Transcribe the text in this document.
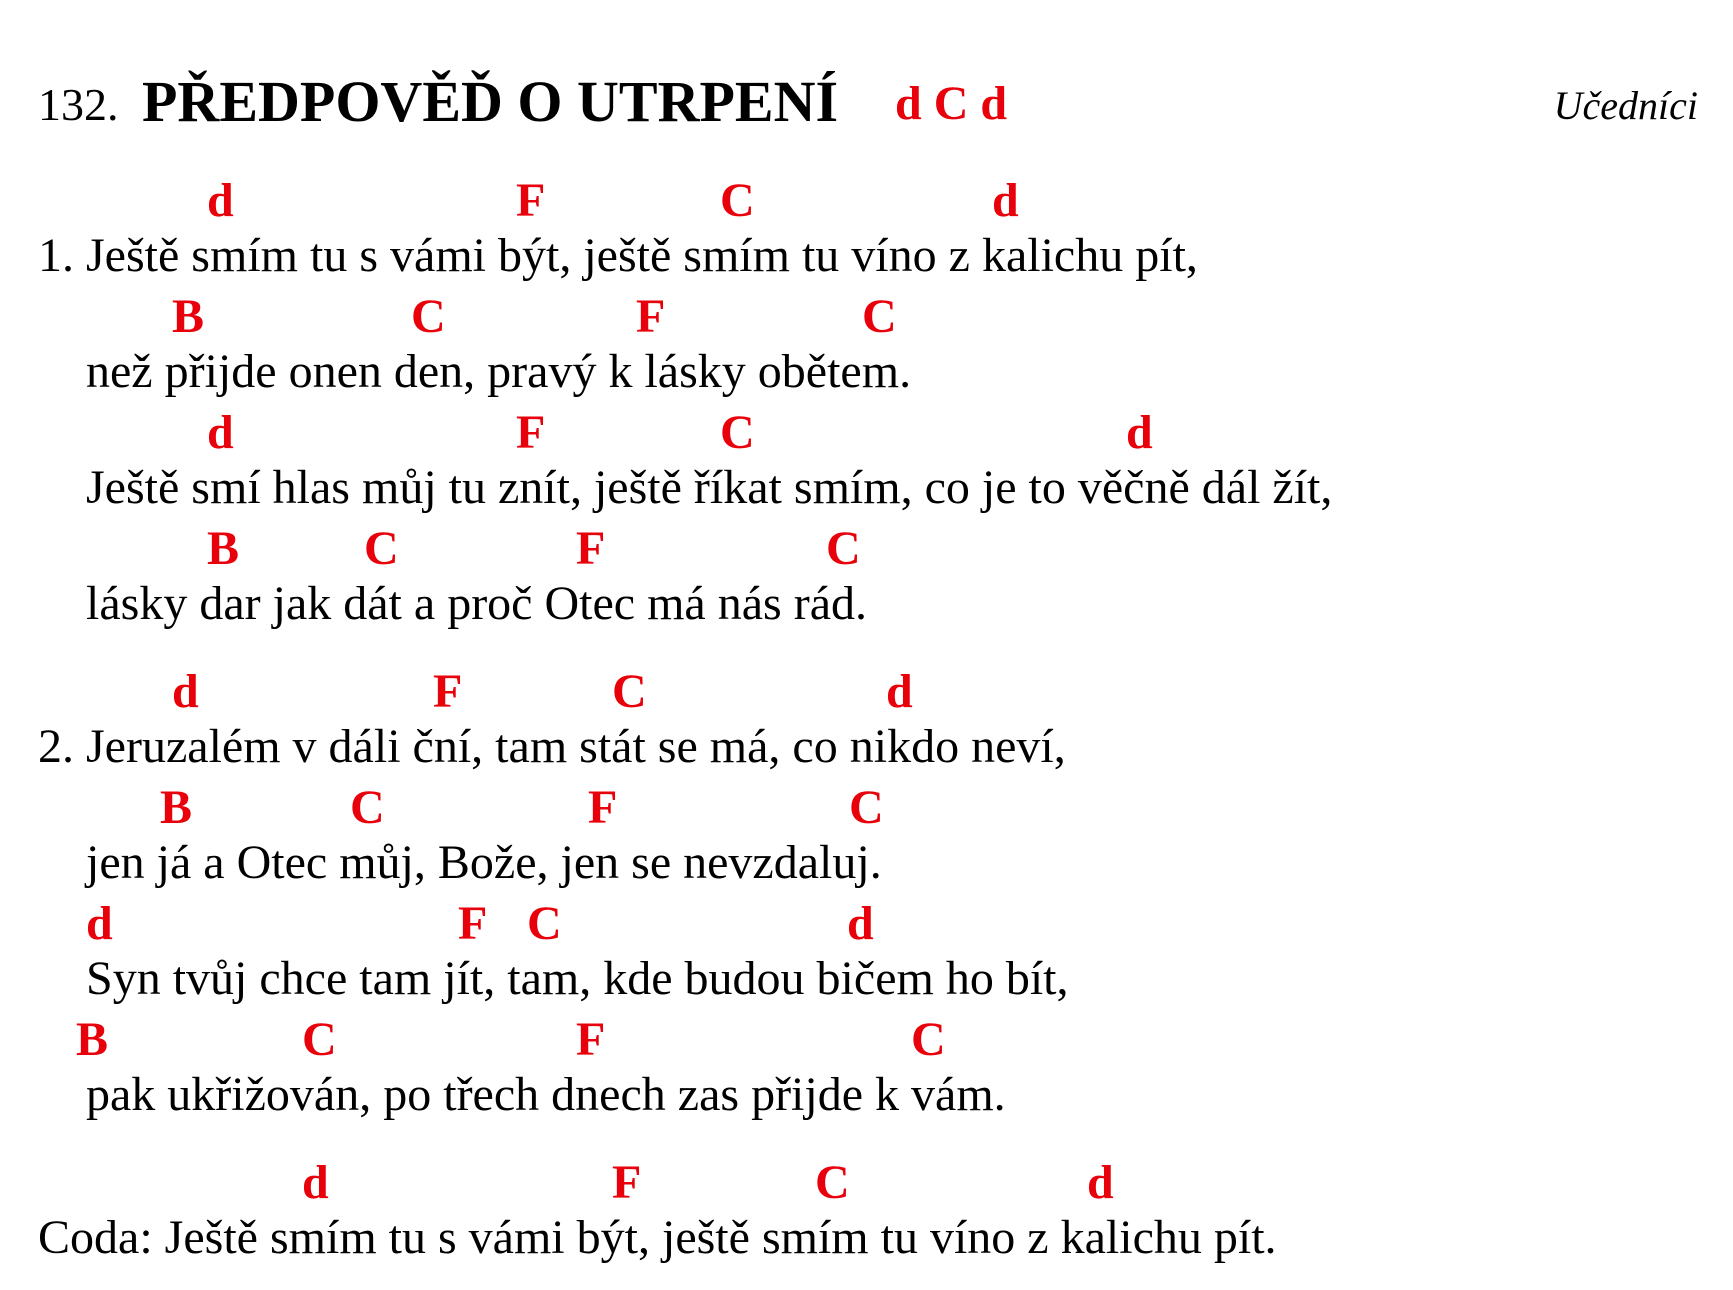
132. PŘEDPOVĚĎ O UTRPENÍ d C d	Učedníci
d	F	C	d
1. Ještě smím tu s vámi být, ještě smím tu víno z kalichu pít,
B	C	F	C
než přijde onen den, pravý k lásky obětem.
d	F	C	d
Ještě smí hlas můj tu znít, ještě říkat smím, co je to věčně dál žít,
B	C	F	C
lásky dar jak dát a proč Otec má nás rád.
d	F	C	d
2. Jeruzalém v dáli ční, tam stát se má, co nikdo neví,
B	C	F	C
jen já a Otec můj, Bože, jen se nevzdaluj.
d	F C	d
Syn tvůj chce tam jít, tam, kde budou bičem ho bít,
B	C	F	C
pak ukřižován, po třech dnech zas přijde k vám.
d	F	C	d
Coda: Ještě smím tu s vámi být, ještě smím tu víno z kalichu pít.
